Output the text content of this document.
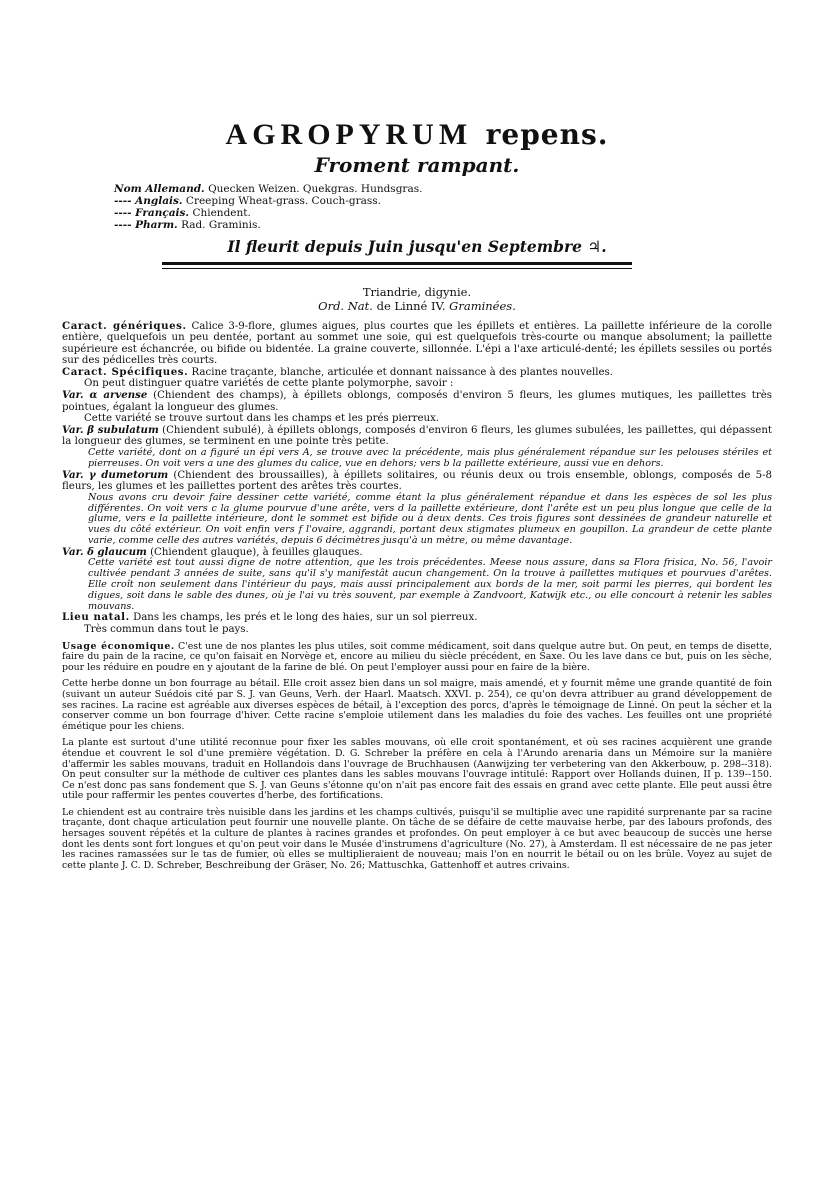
AGROPYRUM repens.
Froment rampant.
Nom Allemand. Quecken Weizen. Quekgras. Hundsgras.
---- Anglais. Creeping Wheat-grass. Couch-grass.
---- Français. Chiendent.
---- Pharm. Rad. Graminis.
Il fleurit depuis Juin jusqu'en Septembre ♃.
Triandrie, digynie.
Ord. Nat. de Linné IV. Graminées.

Caract. génériques. Calice 3-9-flore, glumes aigues, plus courtes que les épillets et entières. La paillette inférieure de la corolle entière, quelquefois un peu dentée, portant au sommet une soie, qui est quelquefois très-courte ou manque absolument; la paillette supérieure est échancrée, ou bifide ou bidentée. La graine couverte, sillonnée. L'épi a l'axe articulé-denté; les épillets sessiles ou portés sur des pédicelles très courts.

Caract. Spécifiques. Racine traçante, blanche, articulée et donnant naissance à des plantes nouvelles.

On peut distinguer quatre variétés de cette plante polymorphe, savoir :

Var. α arvense (Chiendent des champs), à épillets oblongs, composés d'environ 5 fleurs, les glumes mutiques, les paillettes très pointues, égalant la longueur des glumes.

Cette variété se trouve surtout dans les champs et les prés pierreux.

Var. β subulatum (Chiendent subulé), à épillets oblongs, composés d'environ 6 fleurs, les glumes subulées, les paillettes, qui dépassent la longueur des glumes, se terminent en une pointe très petite.

Cette variété, dont on a figuré un épi vers A, se trouve avec la précédente, mais plus généralement répandue sur les pelouses stériles et pierreuses. On voit vers a une des glumes du calice, vue en dehors; vers b la paillette extérieure, aussi vue en dehors.

Var. γ dumetorum (Chiendent des broussailles), à épillets solitaires, ou réunis deux ou trois ensemble, oblongs, composés de 5-8 fleurs, les glumes et les paillettes portent des arêtes très courtes.

Nous avons cru devoir faire dessiner cette variété, comme étant la plus généralement répandue et dans les espèces de sol les plus différentes. On voit vers c la glume pourvue d'une arête, vers d la paillette extérieure, dont l'arête est un peu plus longue que celle de la glume, vers e la paillette intérieure, dont le sommet est bifide ou à deux dents. Ces trois figures sont dessinées de grandeur naturelle et vues du côté extérieur. On voit enfin vers f l'ovaire, aggrandi, portant deux stigmates plumeux en goupillon. La grandeur de cette plante varie, comme celle des autres variétés, depuis 6 décimètres jusqu'à un mètre, ou même davantage.

Var. δ glaucum (Chiendent glauque), à feuilles glauques.

Cette variété est tout aussi digne de notre attention, que les trois précédentes. Meese nous assure, dans sa Flora frisica, No. 56, l'avoir cultivée pendant 3 années de suite, sans qu'il s'y manifestât aucun changement. On la trouve à paillettes mutiques et pourvues d'arêtes. Elle croît non seulement dans l'intérieur du pays, mais aussi principalement aux bords de la mer, soit parmi les pierres, qui bordent les digues, soit dans le sable des dunes, où je l'ai vu très souvent, par exemple à Zandvoort, Katwijk etc., ou elle concourt à retenir les sables mouvans.

Lieu natal. Dans les champs, les prés et le long des haies, sur un sol pierreux.

Très commun dans tout le pays.

Usage économique. C'est une de nos plantes les plus utiles, soit comme médicament, soit dans quelque autre but. On peut, en temps de disette, faire du pain de la racine, ce qu'on faisait en Norvège et, encore au milieu du siècle précédent, en Saxe. Ou les lave dans ce but, puis on les sèche, pour les réduire en poudre en y ajoutant de la farine de blé. On peut l'employer aussi pour en faire de la bière.

Cette herbe donne un bon fourrage au bétail. Elle croit assez bien dans un sol maigre, mais amendé, et y fournit même une grande quantité de foin (suivant un auteur Suédois cité par S. J. van Geuns, Verh. der Haarl. Maatsch. XXVI. p. 254), ce qu'on devra attribuer au grand développement de ses racines. La racine est agréable aux diverses espèces de bétail, à l'exception des porcs, d'après le témoignage de Linné. On peut la sécher et la conserver comme un bon fourrage d'hiver. Cette racine s'emploie utilement dans les maladies du foie des vaches. Les feuilles ont une propriété émétique pour les chiens.

La plante est surtout d'une utilité reconnue pour fixer les sables mouvans, où elle croit spontanément, et où ses racines acquièrent une grande étendue et couvrent le sol d'une première végétation. D. G. Schreber la préfère en cela à l'Arundo arenaria dans un Mémoire sur la manière d'affermir les sables mouvans, traduit en Hollandois dans l'ouvrage de Bruchhausen (Aanwijzing ter verbetering van den Akkerbouw, p. 298--318). On peut consulter sur la méthode de cultiver ces plantes dans les sables mouvans l'ouvrage intitulé: Rapport over Hollands duinen, II p. 139--150. Ce n'est donc pas sans fondement que S. J. van Geuns s'étonne qu'on n'ait pas encore fait des essais en grand avec cette plante. Elle peut aussi être utile pour raffermir les pentes couvertes d'herbe, des fortifications.

Le chiendent est au contraire très nuisible dans les jardins et les champs cultivés, puisqu'il se multiplie avec une rapidité surprenante par sa racine traçante, dont chaque articulation peut fournir une nouvelle plante. On tâche de se défaire de cette mauvaise herbe, par des labours profonds, des hersages souvent répétés et la culture de plantes à racines grandes et profondes. On peut employer à ce but avec beaucoup de succès une herse dont les dents sont fort longues et qu'on peut voir dans le Musée d'instrumens d'agriculture (No. 27), à Amsterdam. Il est nécessaire de ne pas jeter les racines ramassées sur le tas de fumier, où elles se multiplieraient de nouveau; mais l'on en nourrit le bétail ou on les brûle. Voyez au sujet de cette plante J. C. D. Schreber, Beschreibung der Gräser, No. 26; Mattuschka, Gattenhoff et autres crivains.
